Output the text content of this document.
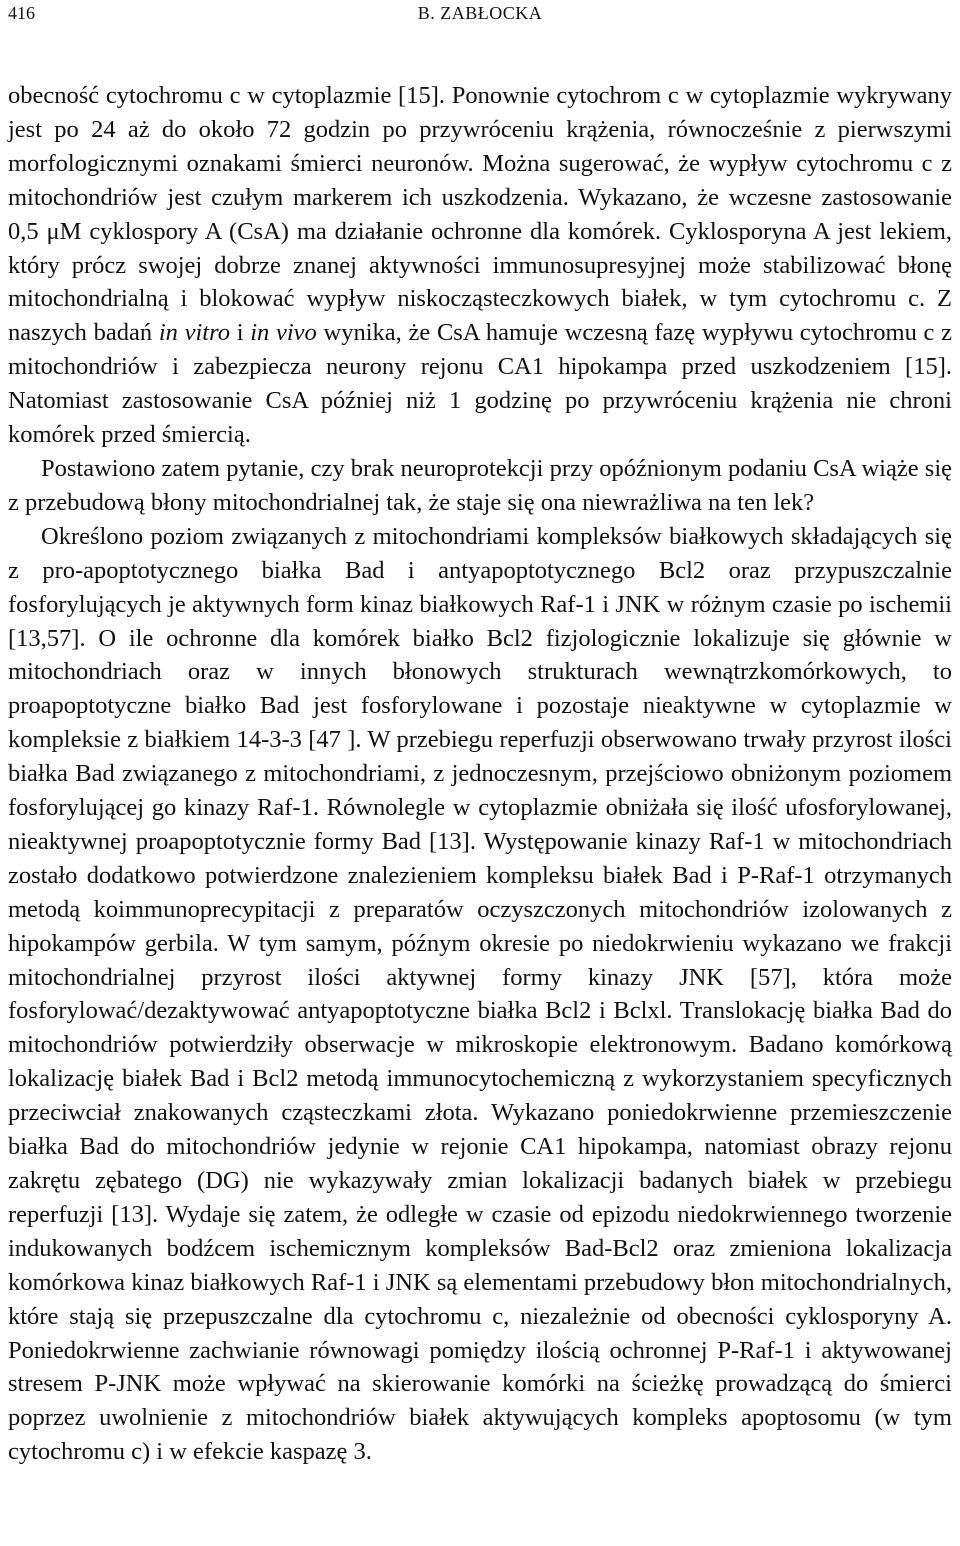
416	B. ZABŁOCKA

obecność cytochromu c w cytoplazmie [15]. Ponownie cytochrom c w cytoplazmie wykrywany jest po 24 aż do około 72 godzin po przywróceniu krążenia, równocześnie z pierwszymi morfologicznymi oznakami śmierci neuronów. Można sugerować, że wypływ cytochromu c z mitochondriów jest czułym markerem ich uszkodzenia. Wykazano, że wczesne zastosowanie 0,5 μM cyklospory A (CsA) ma działanie ochronne dla komórek. Cyklosporyna A jest lekiem, który prócz swojej dobrze znanej aktywności immunosupresyjnej może stabilizować błonę mitochondrialną i blokować wypływ niskocząsteczkowych białek, w tym cytochromu c. Z naszych badań in vitro i in vivo wynika, że CsA hamuje wczesną fazę wypływu cytochromu c z mitochondriów i zabezpiecza neurony rejonu CA1 hipokampa przed uszkodzeniem [15]. Natomiast zastosowanie CsA później niż 1 godzinę po przywróceniu krążenia nie chroni komórek przed śmiercią.

Postawiono zatem pytanie, czy brak neuroprotekcji przy opóźnionym podaniu CsA wiąże się z przebudową błony mitochondrialnej tak, że staje się ona niewrażliwa na ten lek?

Określono poziom związanych z mitochondriami kompleksów białkowych składających się z pro-apoptotycznego białka Bad i antyapoptotycznego Bcl2 oraz przypuszczalnie fosforylujących je aktywnych form kinaz białkowych Raf-1 i JNK w różnym czasie po ischemii [13,57]. O ile ochronne dla komórek białko Bcl2 fizjologicznie lokalizuje się głównie w mitochondriach oraz w innych błonowych strukturach wewnątrzkomórkowych, to proapoptotyczne białko Bad jest fosforylowane i pozostaje nieaktywne w cytoplazmie w kompleksie z białkiem 14-3-3 [47 ]. W przebiegu reperfuzji obserwowano trwały przyrost ilości białka Bad związanego z mitochondriami, z jednoczesnym, przejściowo obniżonym poziomem fosforylującej go kinazy Raf-1. Równolegle w cytoplazmie obniżała się ilość ufosforylowanej, nieaktywnej proapoptotycznie formy Bad [13]. Występowanie kinazy Raf-1 w mitochondriach zostało dodatkowo potwierdzone znalezieniem kompleksu białek Bad i P-Raf-1 otrzymanych metodą koimmunoprecypitacji z preparatów oczyszczonych mitochondriów izolowanych z hipokampów gerbila. W tym samym, późnym okresie po niedokrwieniu wykazano we frakcji mitochondrialnej przyrost ilości aktywnej formy kinazy JNK [57], która może fosforylować/dezaktywować antyapoptotyczne białka Bcl2 i Bclxl. Translokację białka Bad do mitochondriów potwierdziły obserwacje w mikroskopie elektronowym. Badano komórkową lokalizację białek Bad i Bcl2 metodą immunocytochemiczną z wykorzystaniem specyficznych przeciwciał znakowanych cząsteczkami złota. Wykazano poniedokrwienne przemieszczenie białka Bad do mitochondriów jedynie w rejonie CA1 hipokampa, natomiast obrazy rejonu zakrętu zębatego (DG) nie wykazywały zmian lokalizacji badanych białek w przebiegu reperfuzji [13]. Wydaje się zatem, że odległe w czasie od epizodu niedokrwiennego tworzenie indukowanych bodźcem ischemicznym kompleksów Bad-Bcl2 oraz zmieniona lokalizacja komórkowa kinaz białkowych Raf-1 i JNK są elementami przebudowy błon mitochondrialnych, które stają się przepuszczalne dla cytochromu c, niezależnie od obecności cyklosporyny A. Poniedokrwienne zachwianie równowagi pomiędzy ilością ochronnej P-Raf-1 i aktywowanej stresem P-JNK może wpływać na skierowanie komórki na ścieżkę prowadzącą do śmierci poprzez uwolnienie z mitochondriów białek aktywujących kompleks apoptosomu (w tym cytochromu c) i w efekcie kaspazę 3.
